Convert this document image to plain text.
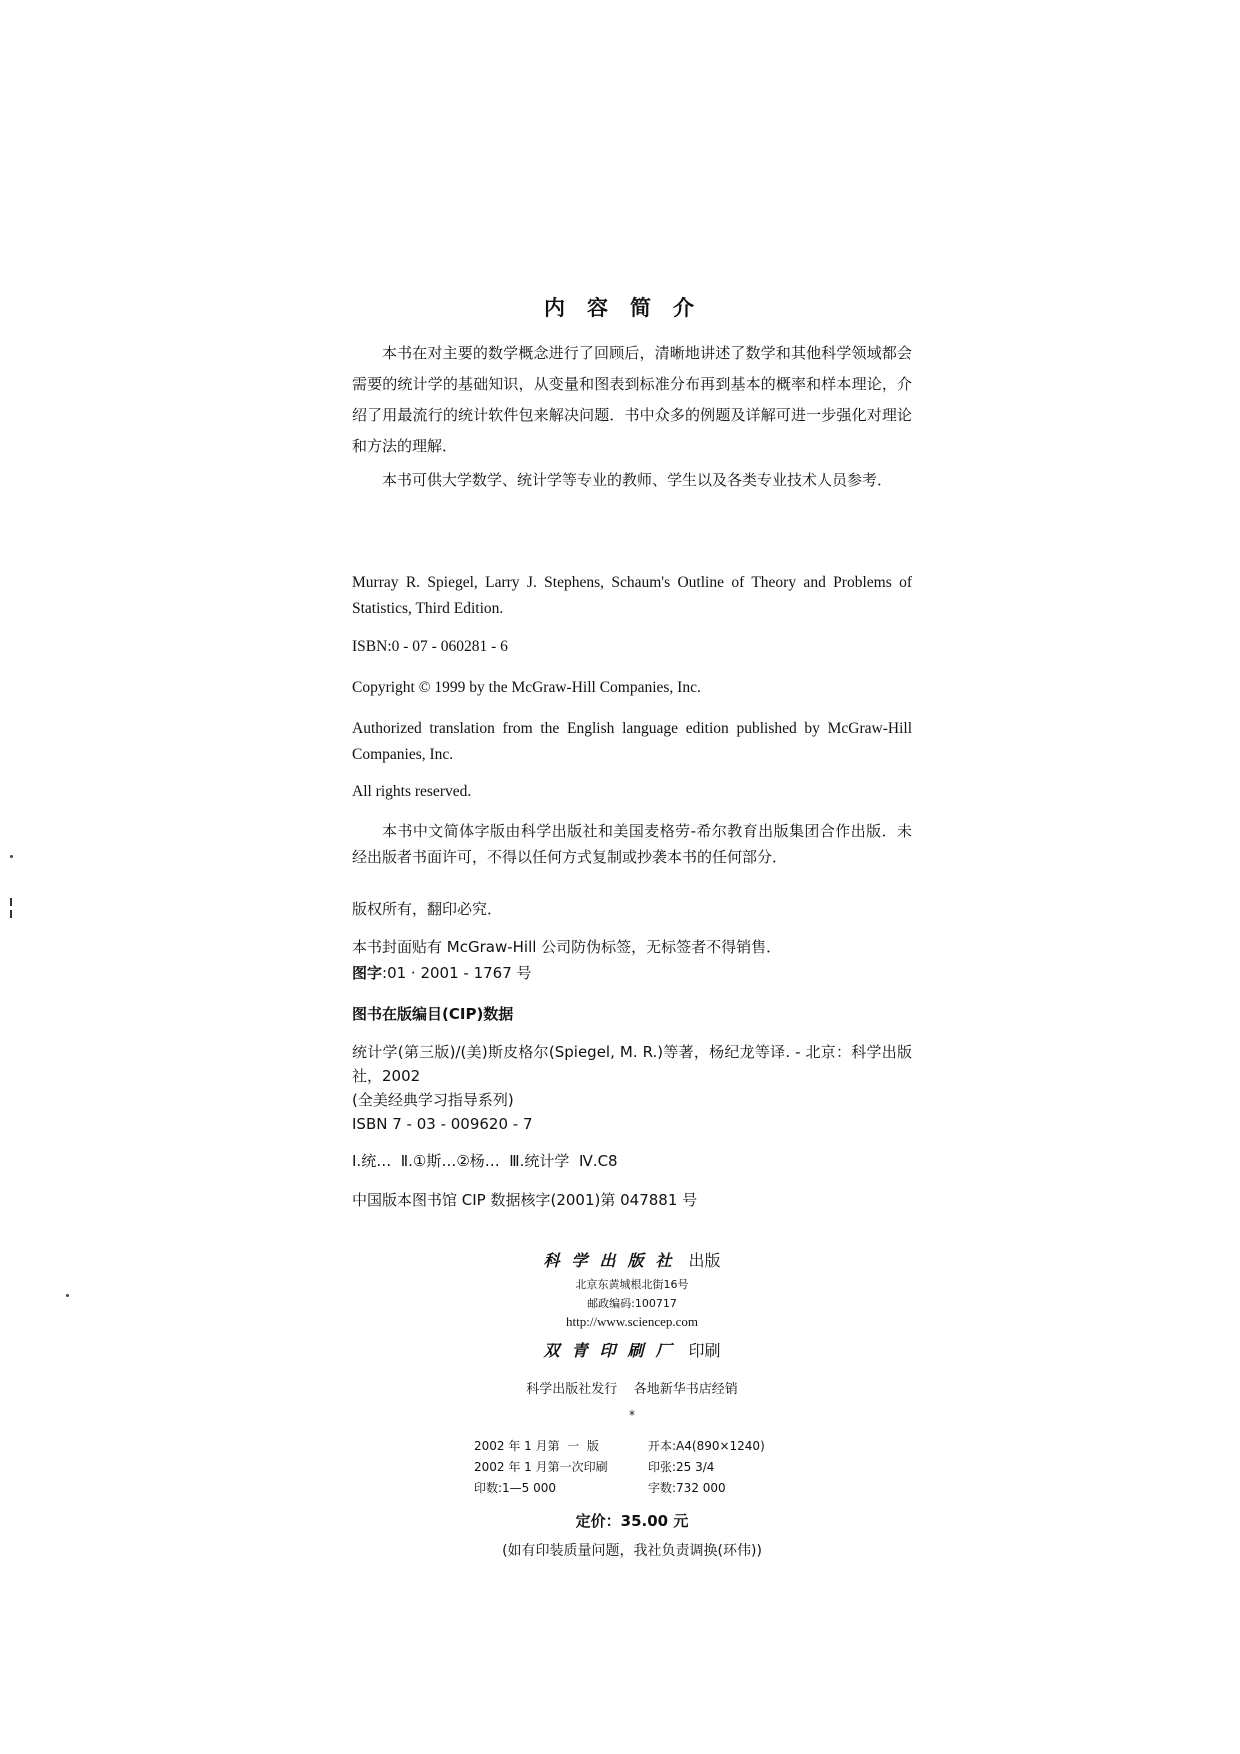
内容简介

本书在对主要的数学概念进行了回顾后，清晰地讲述了数学和其他科学领域都会需要的统计学的基础知识，从变量和图表到标准分布再到基本的概率和样本理论，介绍了用最流行的统计软件包来解决问题．书中众多的例题及详解可进一步强化对理论和方法的理解．

本书可供大学数学、统计学等专业的教师、学生以及各类专业技术人员参考．

Murray R. Spiegel, Larry J. Stephens, Schaum's Outline of Theory and Problems of Statistics, Third Edition.
ISBN:0 - 07 - 060281 - 6
Copyright © 1999 by the McGraw-Hill Companies, Inc.
Authorized translation from the English language edition published by McGraw-Hill Companies, Inc.
All rights reserved.
本书中文简体字版由科学出版社和美国麦格劳-希尔教育出版集团合作出版．未经出版者书面许可，不得以任何方式复制或抄袭本书的任何部分．
版权所有，翻印必究．
本书封面贴有 McGraw-Hill 公司防伪标签，无标签者不得销售．
图字:01 · 2001 - 1767 号
图书在版编目(CIP)数据
统计学(第三版)/(美)斯皮格尔(Spiegel, M. R.)等著，杨纪龙等译. - 北京：科学出版社，2002
(全美经典学习指导系列)
ISBN 7 - 03 - 009620 - 7
Ⅰ.统…  Ⅱ.①斯…②杨…  Ⅲ.统计学  Ⅳ.C8
中国版本图书馆 CIP 数据核字(2001)第 047881 号
科学出版社 出版
北京东黄城根北街16号
邮政编码:100717
http://www.sciencep.com
双青印刷厂 印刷
科学出版社发行    各地新华书店经销
*
2002 年 1 月第  一  版	开本:A4(890×1240)
2002 年 1 月第一次印刷	印张:25 3/4
印数:1—5 000	字数:732 000
定价：35.00 元
(如有印装质量问题，我社负责调换(环伟))
